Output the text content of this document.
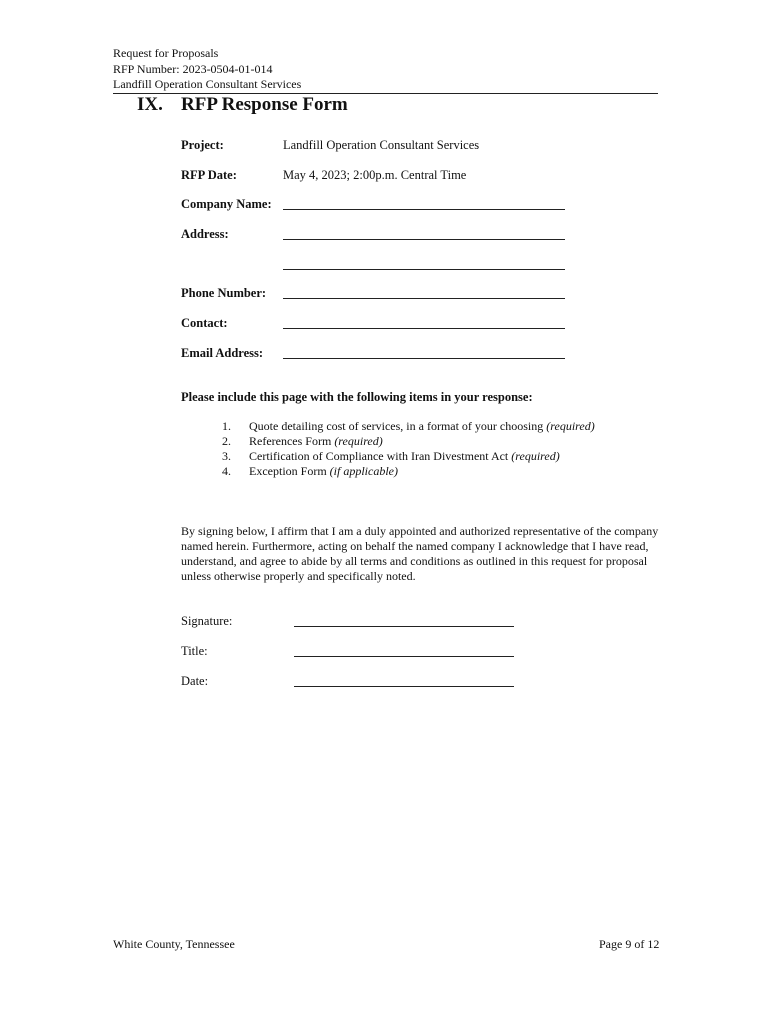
Request for Proposals
RFP Number: 2023-0504-01-014
Landfill Operation Consultant Services
IX. RFP Response Form
Project:	Landfill Operation Consultant Services
RFP Date:	May 4, 2023; 2:00p.m. Central Time
Company Name:
Address:
Phone Number:
Contact:
Email Address:
Please include this page with the following items in your response:
1. Quote detailing cost of services, in a format of your choosing (required)
2. References Form (required)
3. Certification of Compliance with Iran Divestment Act (required)
4. Exception Form (if applicable)
By signing below, I affirm that I am a duly appointed and authorized representative of the company named herein. Furthermore, acting on behalf the named company I acknowledge that I have read, understand, and agree to abide by all terms and conditions as outlined in this request for proposal unless otherwise properly and specifically noted.
Signature:
Title:
Date:
White County, Tennessee	Page 9 of 12
